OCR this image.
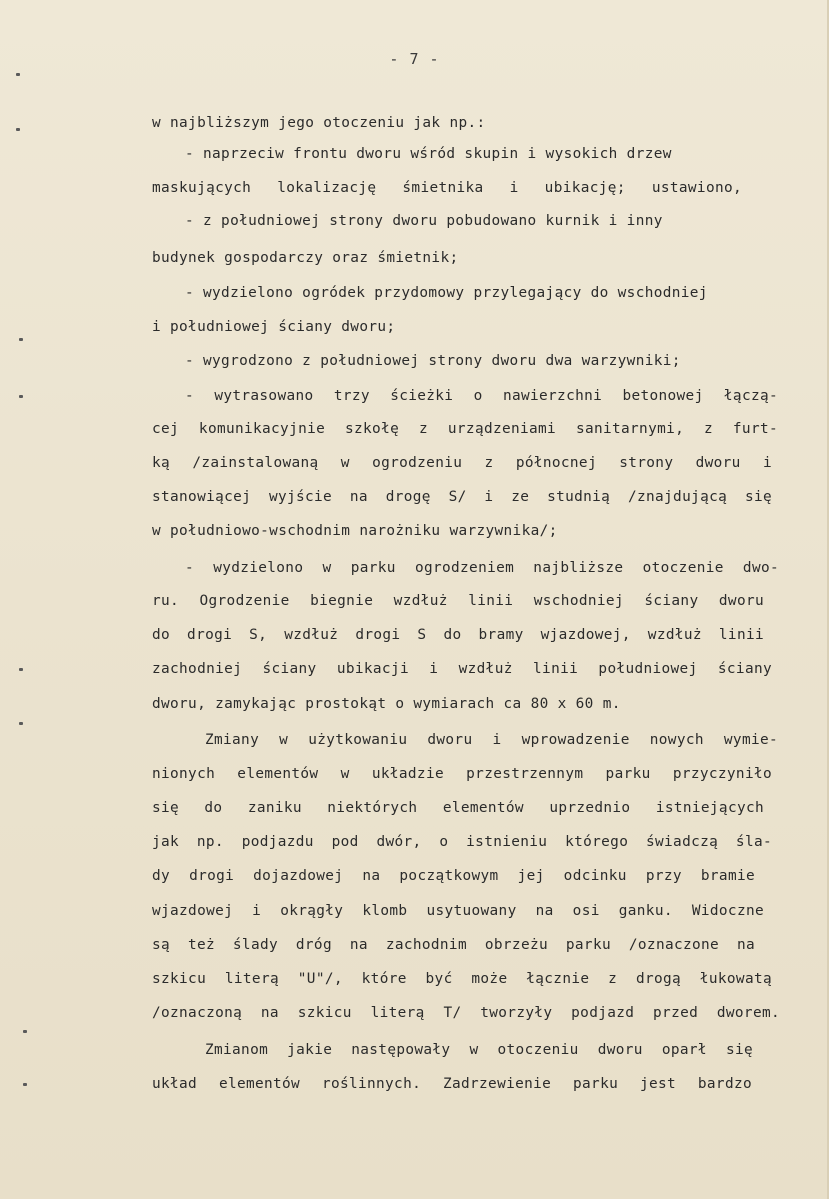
- 7 -
w najbliższym jego otoczeniu jak np.:
- naprzeciw frontu dworu wśród skupin i wysokich drzew
maskujących lokalizację śmietnika i ubikację; ustawiono,
- z południowej strony dworu pobudowano kurnik i inny
budynek gospodarczy oraz śmietnik;
- wydzielono ogródek przydomowy przylegający do wschodniej
i południowej ściany dworu;
- wygrodzono z południowej strony dworu dwa warzywniki;
- wytrasowano trzy ścieżki o nawierzchni betonowej łączą-
cej komunikacyjnie szkołę z urządzeniami sanitarnymi, z furt-
ką /zainstalowaną w ogrodzeniu z północnej strony dworu i
stanowiącej wyjście na drogę S/ i ze studnią /znajdującą się
w południowo-wschodnim narożniku warzywnika/;
- wydzielono w parku ogrodzeniem najbliższe otoczenie dwo-
ru. Ogrodzenie biegnie wzdłuż linii wschodniej ściany dworu
do drogi S, wzdłuż drogi S do bramy wjazdowej, wzdłuż linii
zachodniej ściany ubikacji i wzdłuż linii południowej ściany
dworu, zamykając prostokąt o wymiarach ca 80 x 60 m.
Zmiany w użytkowaniu dworu i wprowadzenie nowych wymie-
nionych elementów w układzie przestrzennym parku przyczyniło
się do zaniku niektórych elementów uprzednio istniejących
jak np. podjazdu pod dwór, o istnieniu którego świadczą śla-
dy drogi dojazdowej na początkowym jej odcinku przy bramie
wjazdowej i okrągły klomb usytuowany na osi ganku. Widoczne
są też ślady dróg na zachodnim obrzeżu parku /oznaczone na
szkicu literą "U"/, które być może łącznie z drogą łukowatą
/oznaczoną na szkicu literą T/ tworzyły podjazd przed dworem.
Zmianom jakie następowały w otoczeniu dworu oparł się
układ elementów roślinnych. Zadrzewienie parku jest bardzo
